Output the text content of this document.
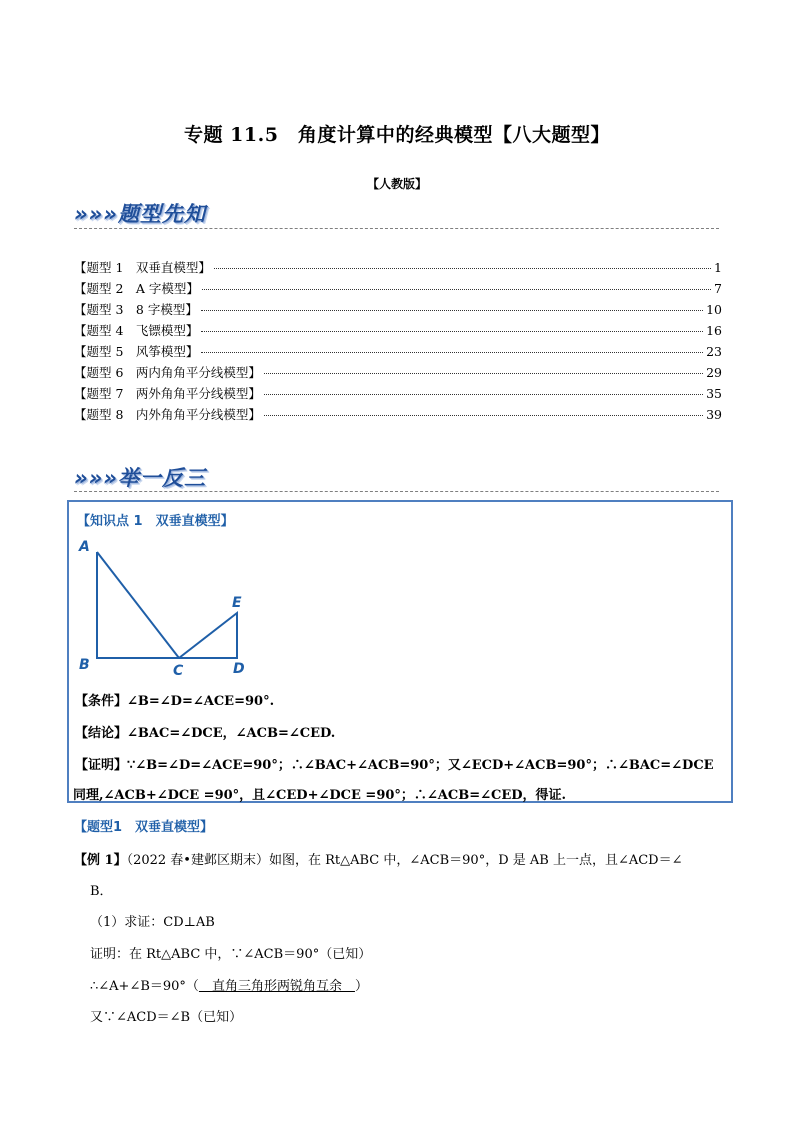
专题 11.5　角度计算中的经典模型【八大题型】
【人教版】
»»»题型先知
【题型 1　双垂直模型】	1
【题型 2　A 字模型】	7
【题型 3　8 字模型】	10
【题型 4　飞镖模型】	16
【题型 5　风筝模型】	23
【题型 6　两内角角平分线模型】	29
【题型 7　两外角角平分线模型】	35
【题型 8　内外角角平分线模型】	39
»»»举一反三
【知识点 1　双垂直模型】
A
B	C	D
E
【条件】∠B=∠D=∠ACE=90°.
【结论】∠BAC=∠DCE，∠ACB=∠CED.
【证明】∵∠B=∠D=∠ACE=90°；∴∠BAC+∠ACB=90°；又∠ECD+∠ACB=90°；∴∠BAC=∠DCE
同理,∠ACB+∠DCE =90°，且∠CED+∠DCE =90°；∴∠ACB=∠CED，得证.
【题型1　双垂直模型】
【例 1】（2022 春•建邺区期末）如图，在 Rt△ABC 中，∠ACB＝90°，D 是 AB 上一点，且∠ACD＝∠
B．
（1）求证：CD⊥AB
证明：在 Rt△ABC 中，∵∠ACB＝90°（已知）
∴∠A+∠B＝90°（　直角三角形两锐角互余　）
又∵∠ACD＝∠B（已知）
